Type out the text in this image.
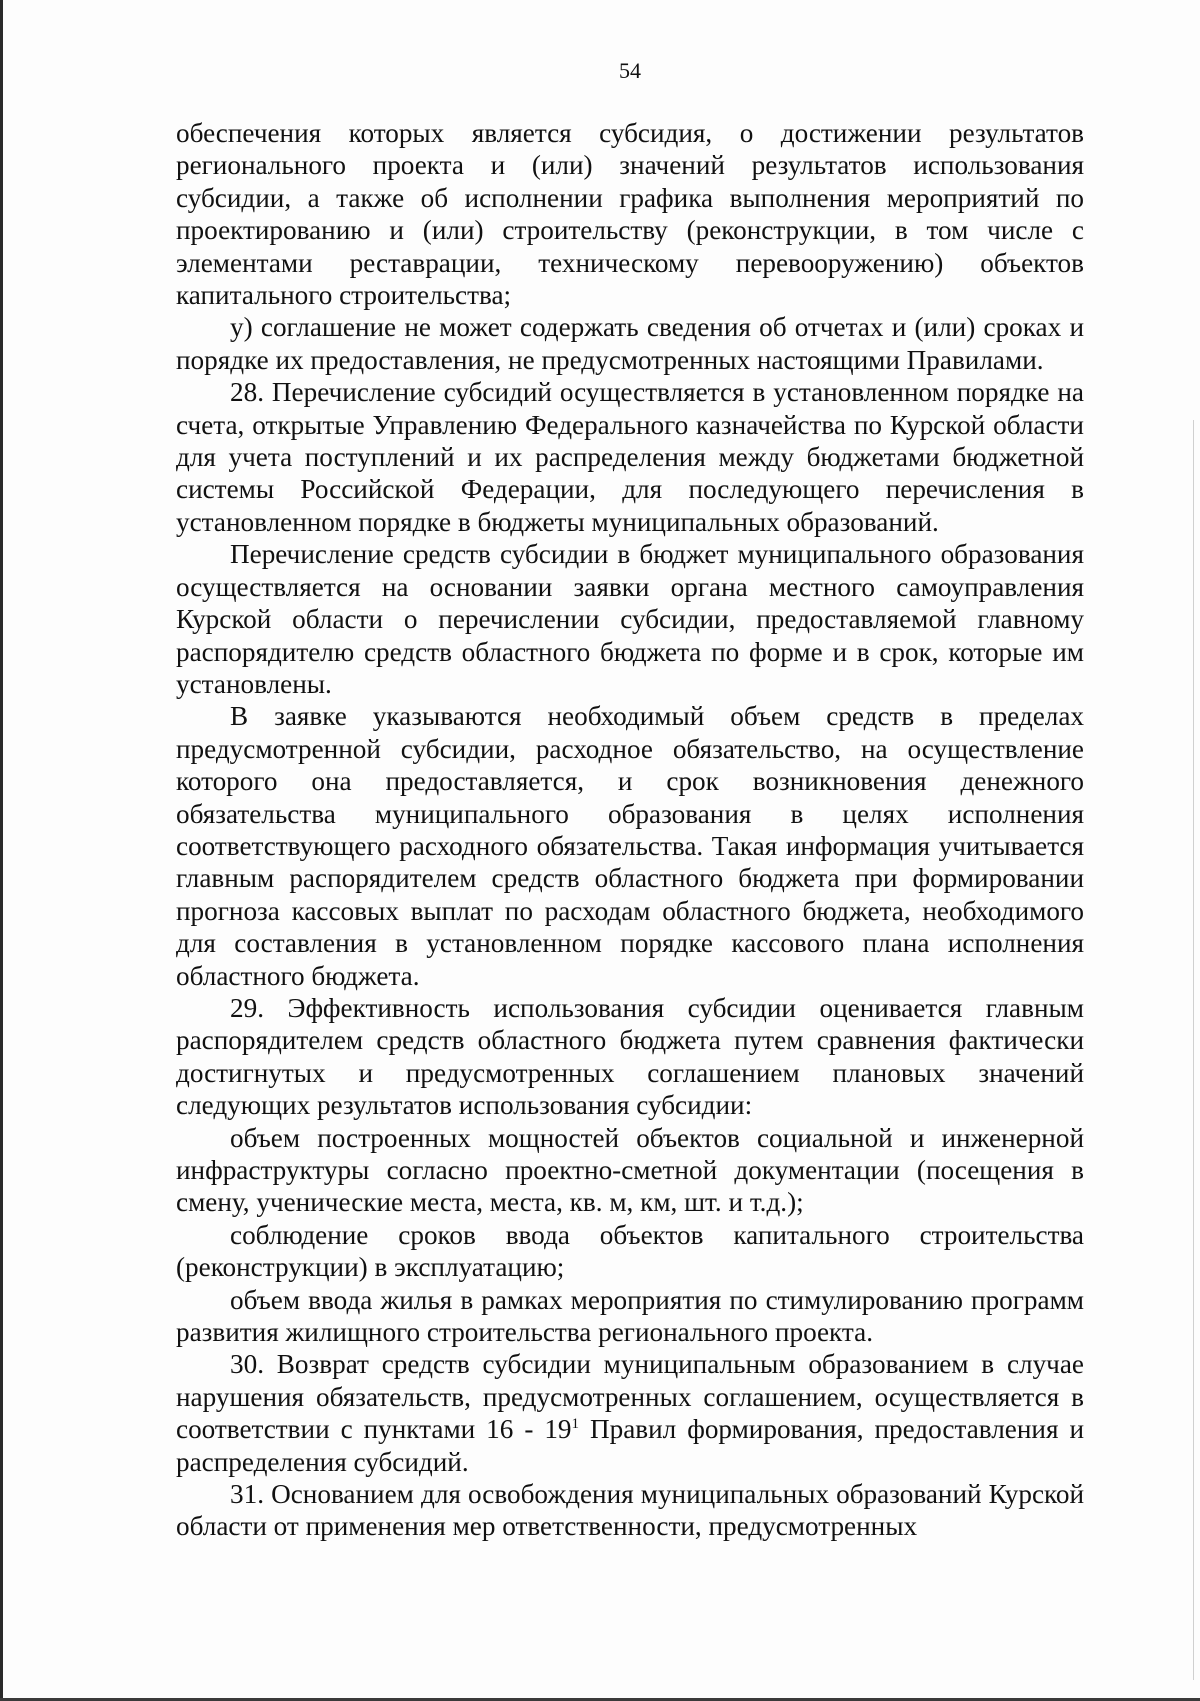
54

обеспечения которых является субсидия, о достижении результатов регионального проекта и (или) значений результатов использования субсидии, а также об исполнении графика выполнения мероприятий по проектированию и (или) строительству (реконструкции, в том числе с элементами реставрации, техническому перевооружению) объектов капитального строительства;

у) соглашение не может содержать сведения об отчетах и (или) сроках и порядке их предоставления, не предусмотренных настоящими Правилами.

28. Перечисление субсидий осуществляется в установленном порядке на счета, открытые Управлению Федерального казначейства по Курской области для учета поступлений и их распределения между бюджетами бюджетной системы Российской Федерации, для последующего перечисления в установленном порядке в бюджеты муниципальных образований.

Перечисление средств субсидии в бюджет муниципального образования осуществляется на основании заявки органа местного самоуправления Курской области о перечислении субсидии, предоставляемой главному распорядителю средств областного бюджета по форме и в срок, которые им установлены.

В заявке указываются необходимый объем средств в пределах предусмотренной субсидии, расходное обязательство, на осуществление которого она предоставляется, и срок возникновения денежного обязательства муниципального образования в целях исполнения соответствующего расходного обязательства. Такая информация учитывается главным распорядителем средств областного бюджета при формировании прогноза кассовых выплат по расходам областного бюджета, необходимого для составления в установленном порядке кассового плана исполнения областного бюджета.

29. Эффективность использования субсидии оценивается главным распорядителем средств областного бюджета путем сравнения фактически достигнутых и предусмотренных соглашением плановых значений следующих результатов использования субсидии:

объем построенных мощностей объектов социальной и инженерной инфраструктуры согласно проектно-сметной документации (посещения в смену, ученические места, места, кв. м, км, шт. и т.д.);

соблюдение сроков ввода объектов капитального строительства (реконструкции) в эксплуатацию;

объем ввода жилья в рамках мероприятия по стимулированию программ развития жилищного строительства регионального проекта.

30. Возврат средств субсидии муниципальным образованием в случае нарушения обязательств, предусмотренных соглашением, осуществляется в соответствии с пунктами $16 - 19^1$ Правил формирования, предоставления и распределения субсидий.

31. Основанием для освобождения муниципальных образований Курской области от применения мер ответственности, предусмотренных
